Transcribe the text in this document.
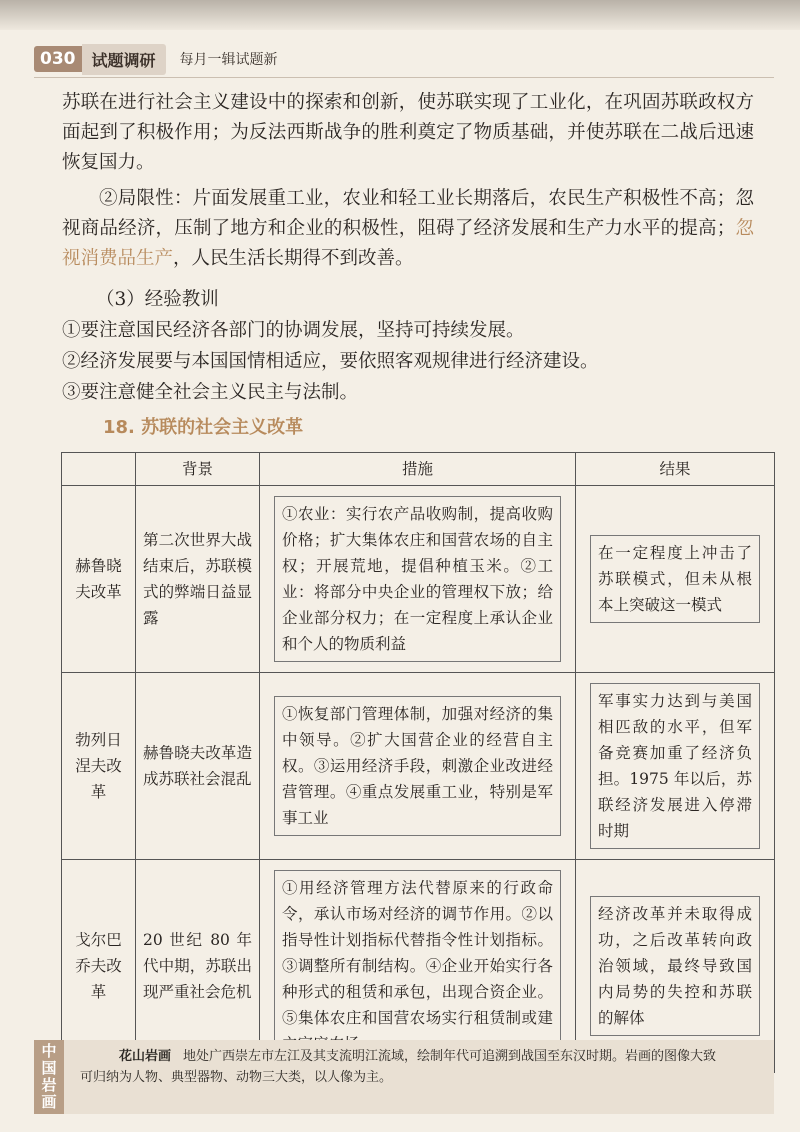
030	试题调研	每月一辑试题新
苏联在进行社会主义建设中的探索和创新，使苏联实现了工业化，在巩固苏联政权方面起到了积极作用；为反法西斯战争的胜利奠定了物质基础，并使苏联在二战后迅速恢复国力。
②局限性：片面发展重工业，农业和轻工业长期落后，农民生产积极性不高；忽视商品经济，压制了地方和企业的积极性，阻碍了经济发展和生产力水平的提高；忽视消费品生产，人民生活长期得不到改善。
（3）经验教训
①要注意国民经济各部门的协调发展，坚持可持续发展。
②经济发展要与本国国情相适应，要依照客观规律进行经济建设。
③要注意健全社会主义民主与法制。
18. 苏联的社会主义改革
	背景	措施	结果
赫鲁晓夫改革	第二次世界大战结束后，苏联模式的弊端日益显露	①农业：实行农产品收购制，提高收购价格；扩大集体农庄和国营农场的自主权；开展荒地，提倡种植玉米。②工业：将部分中央企业的管理权下放；给企业部分权力；在一定程度上承认企业和个人的物质利益	在一定程度上冲击了苏联模式，但未从根本上突破这一模式

勃列日涅夫改革	赫鲁晓夫改革造成苏联社会混乱	①恢复部门管理体制，加强对经济的集中领导。②扩大国营企业的经营自主权。③运用经济手段，刺激企业改进经营管理。④重点发展重工业，特别是军事工业	军事实力达到与美国相匹敌的水平，但军备竞赛加重了经济负担。1975 年以后，苏联经济发展进入停滞时期

戈尔巴乔夫改革	20 世纪 80 年代中期，苏联出现严重社会危机	①用经济管理方法代替原来的行政命令，承认市场对经济的调节作用。②以指导性计划指标代替指令性计划指标。③调整所有制结构。④企业开始实行各种形式的租赁和承包，出现合资企业。⑤集体农庄和国营农场实行租赁制或建	经济改革并未取得成功，之后改革转向政治领域，最终导致国内局势的失控和苏联的解体
中国岩画
花山岩画 地处广西崇左市左江及其支流明江流域，绘制年代可追溯到战国至东汉时期。岩画的图像大致可归纳为人物、典型器物、动物三大类，以人像为主。
